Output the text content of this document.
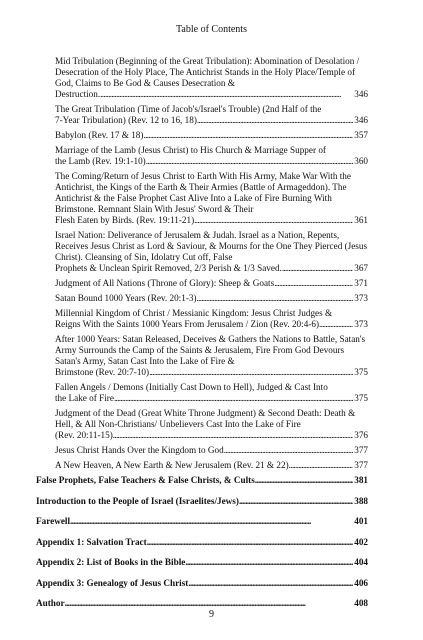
Table of Contents
Mid Tribulation (Beginning of the Great Tribulation): Abomination of Desolation / Desecration of the Holy Place, The Antichrist Stands in the Holy Place/Temple of God, Claims to Be God & Causes Desecration &
Destruction. . . .	346
The Great Tribulation (Time of Jacob's/Israel's Trouble) (2nd Half of the
7-Year Tribulation) (Rev. 12 to 16, 18) . . .	346
Babylon (Rev. 17 & 18) . . .	357
Marriage of the Lamb (Jesus Christ) to His Church & Marriage Supper of
the Lamb (Rev. 19:1-10) . . .	360
The Coming/Return of Jesus Christ to Earth With His Army, Make War With the Antichrist, the Kings of the Earth & Their Armies (Battle of Armageddon). The Antichrist & the False Prophet Cast Alive Into a Lake of Fire Burning With Brimstone. Remnant Slain With Jesus' Sword & Their
Flesh Eaten by Birds. (Rev. 19:11-21) . . .	361
Israel Nation: Deliverance of Jerusalem & Judah. Israel as a Nation, Repents, Receives Jesus Christ as Lord & Saviour, & Mourns for the One They Pierced (Jesus Christ). Cleansing of Sin, Idolatry Cut off, False
Prophets & Unclean Spirit Removed, 2/3 Perish & 1/3 Saved. . . .	367
Judgment of All Nations (Throne of Glory): Sheep & Goats . . .	371
Satan Bound 1000 Years (Rev. 20:1-3) . . .	373
Millennial Kingdom of Christ / Messianic Kingdom: Jesus Christ Judges &
Reigns With the Saints 1000 Years From Jerusalem / Zion (Rev. 20:4-6) . . .	373
After 1000 Years: Satan Released, Deceives & Gathers the Nations to Battle, Satan's Army Surrounds the Camp of the Saints & Jerusalem, Fire From God Devours Satan's Army, Satan Cast Into the Lake of Fire &
Brimstone (Rev. 20:7-10) . . .	375
Fallen Angels / Demons (Initially Cast Down to Hell), Judged & Cast Into
the Lake of Fire . . .	375
Judgment of the Dead (Great White Throne Judgment) & Second Death: Death & Hell, & All Non-Christians/ Unbelievers Cast Into the Lake of Fire
(Rev. 20:11-15) . . .	376
Jesus Christ Hands Over the Kingdom to God . . .	377
A New Heaven, A New Earth & New Jerusalem (Rev. 21 & 22) . . .	377
False Prophets, False Teachers & False Christs, & Cults . . .	381
Introduction to the People of Israel (Israelites/Jews) . . .	388
Farewell . . .	401
Appendix 1: Salvation Tract . . .	402
Appendix 2: List of Books in the Bible . . .	404
Appendix 3: Genealogy of Jesus Christ . . .	406
Author . . .	408
9
